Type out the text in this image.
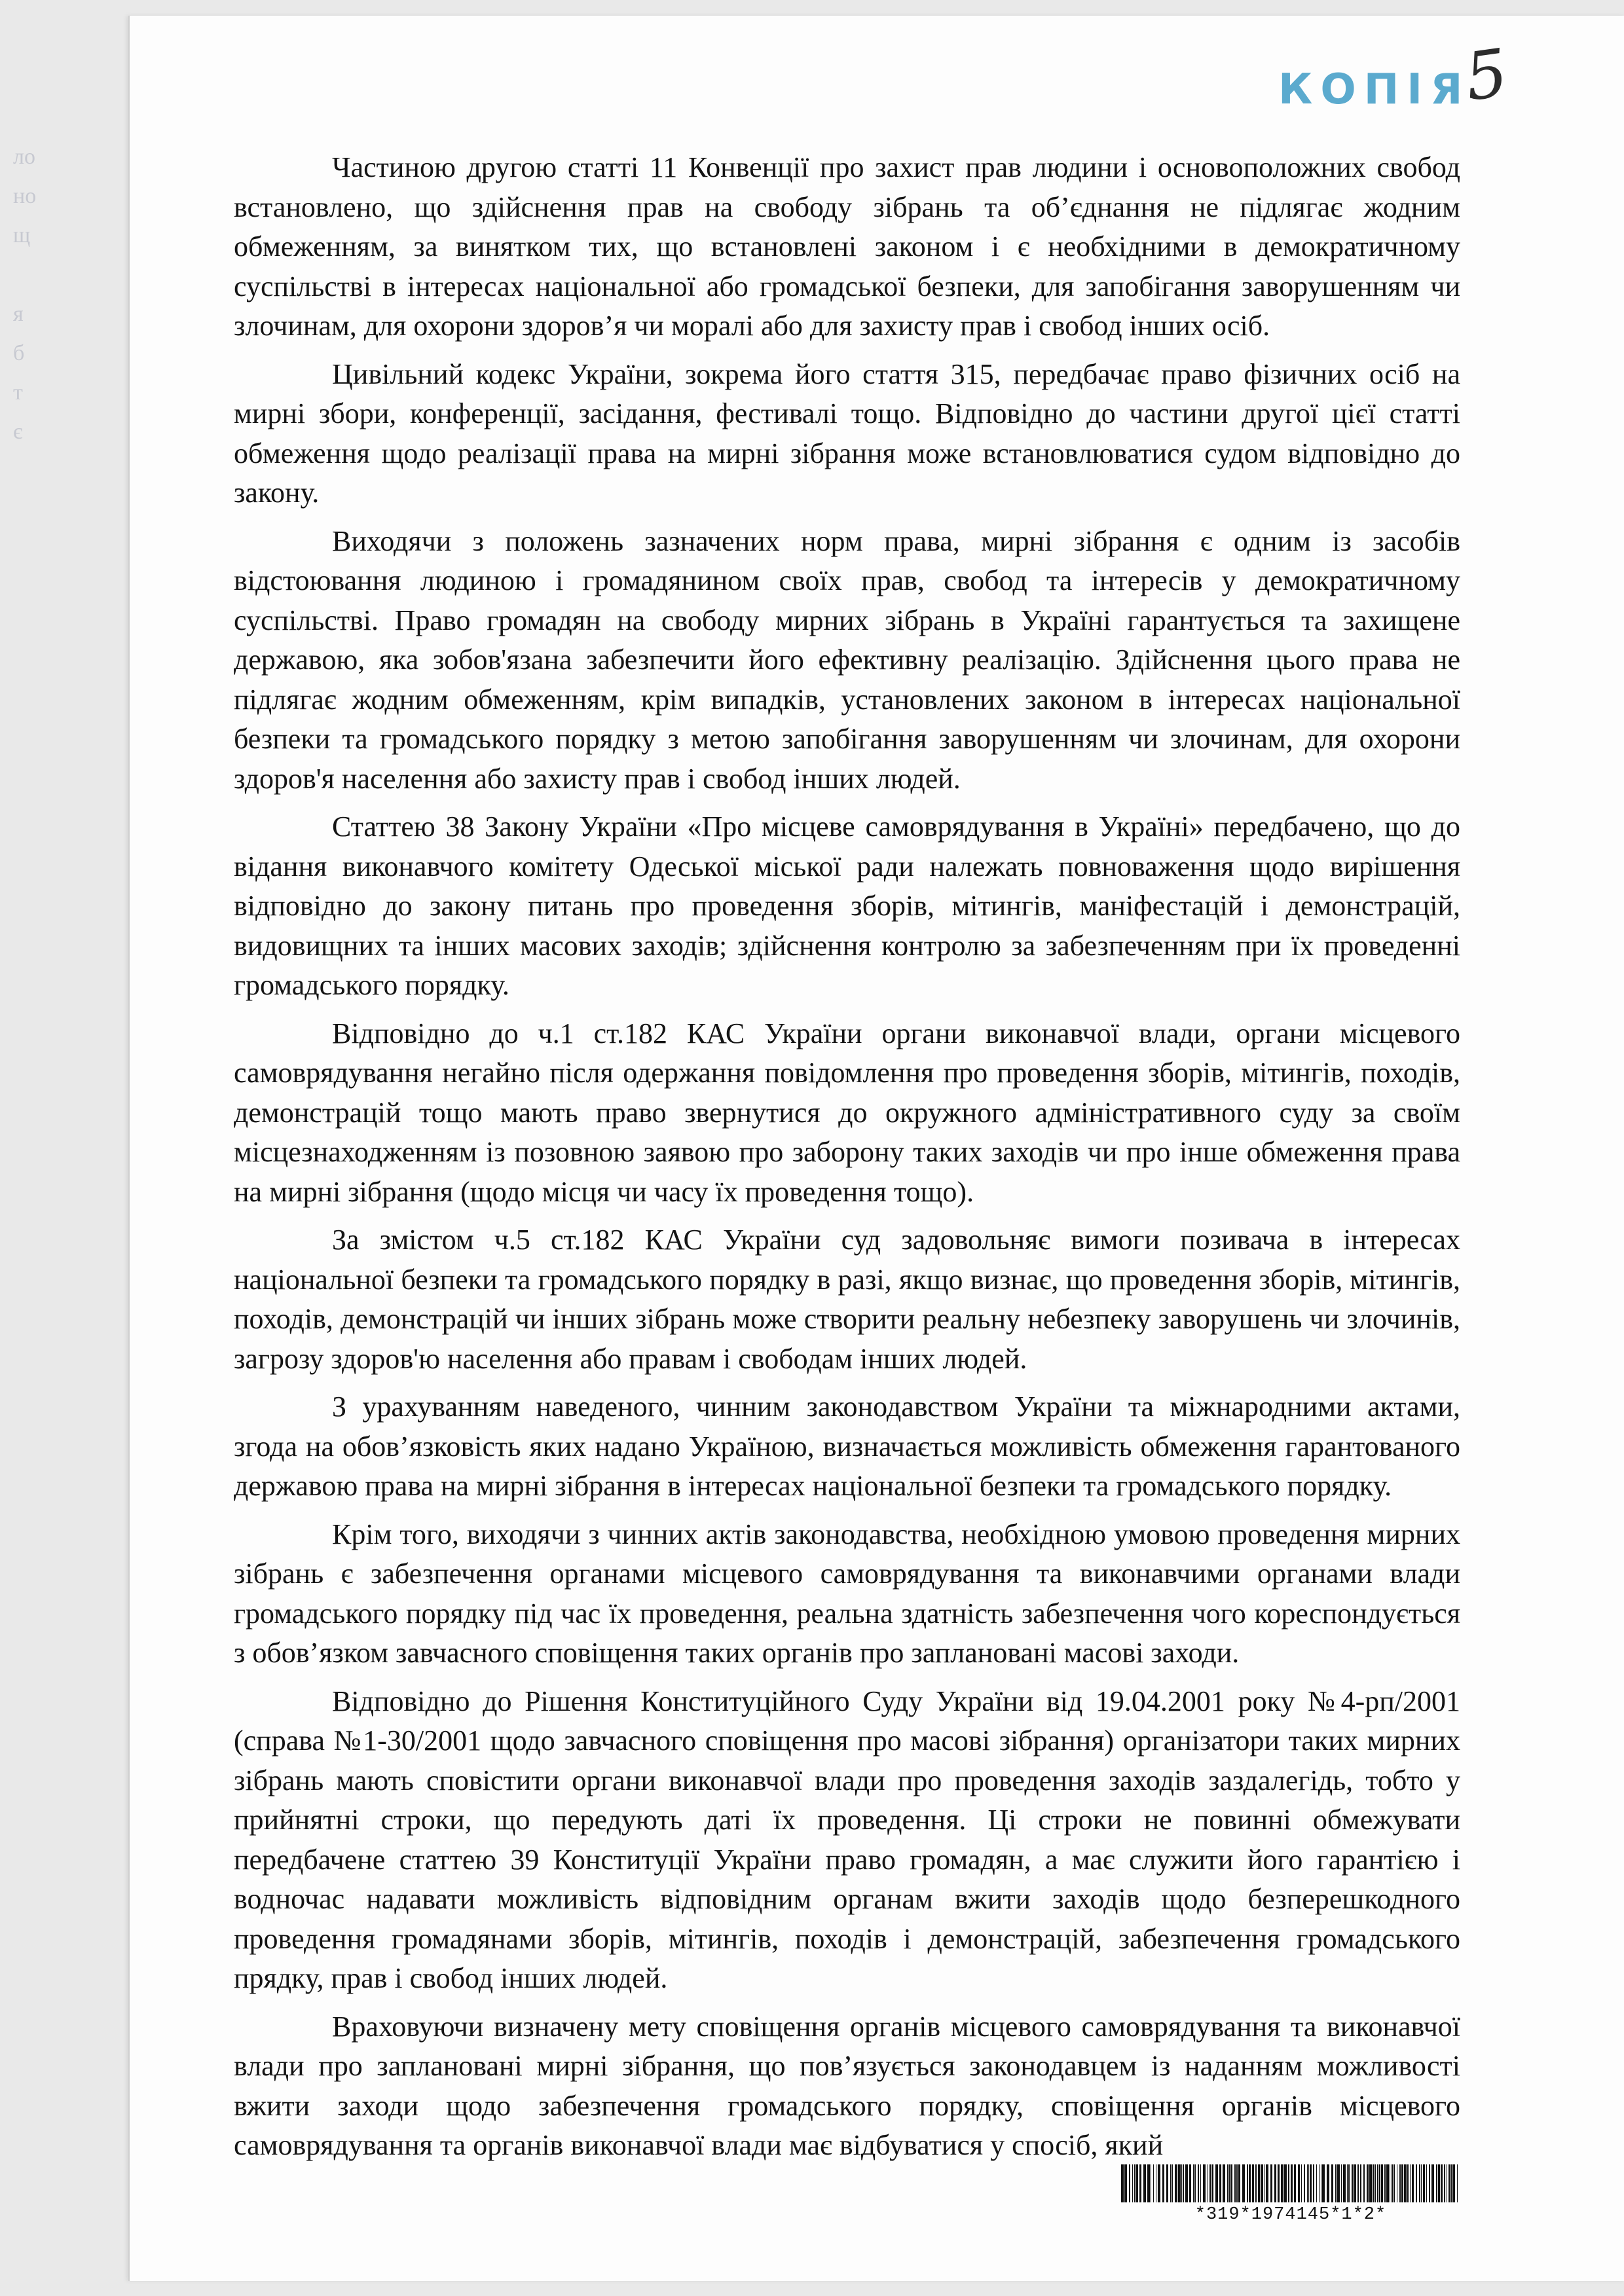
ло
но
щ

я
б
т
є
КОПІЯ
5

Частиною другою статті 11 Конвенції про захист прав людини і основоположних свобод встановлено, що здійснення прав на свободу зібрань та об’єднання не підлягає жодним обмеженням, за винятком тих, що встановлені законом і є необхідними в демократичному суспільстві в інтересах національної або громадської безпеки, для запобігання заворушенням чи злочинам, для охорони здоров’я чи моралі або для захисту прав і свобод інших осіб.

Цивільний кодекс України, зокрема його стаття 315, передбачає право фізичних осіб на мирні збори, конференції, засідання, фестивалі тощо. Відповідно до частини другої цієї статті обмеження щодо реалізації права на мирні зібрання може встановлюватися судом відповідно до закону.

Виходячи з положень зазначених норм права, мирні зібрання є одним із засобів відстоювання людиною і громадянином своїх прав, свобод та інтересів у демократичному суспільстві. Право громадян на свободу мирних зібрань в Україні гарантується та захищене державою, яка зобов'язана забезпечити його ефективну реалізацію. Здійснення цього права не підлягає жодним обмеженням, крім випадків, установлених законом в інтересах національної безпеки та громадського порядку з метою запобігання заворушенням чи злочинам, для охорони здоров'я населення або захисту прав і свобод інших людей.

Статтею 38 Закону України «Про місцеве самоврядування в Україні» передбачено, що до відання виконавчого комітету Одеської міської ради належать повноваження щодо вирішення відповідно до закону питань про проведення зборів, мітингів, маніфестацій і демонстрацій, видовищних та інших масових заходів; здійснення контролю за забезпеченням при їх проведенні громадського порядку.

Відповідно до ч.1 ст.182 КАС України органи виконавчої влади, органи місцевого самоврядування негайно після одержання повідомлення про проведення зборів, мітингів, походів, демонстрацій тощо мають право звернутися до окружного адміністративного суду за своїм місцезнаходженням із позовною заявою про заборону таких заходів чи про інше обмеження права на мирні зібрання (щодо місця чи часу їх проведення тощо).

За змістом ч.5 ст.182 КАС України суд задовольняє вимоги позивача в інтересах національної безпеки та громадського порядку в разі, якщо визнає, що проведення зборів, мітингів, походів, демонстрацій чи інших зібрань може створити реальну небезпеку заворушень чи злочинів, загрозу здоров'ю населення або правам і свободам інших людей.

З урахуванням наведеного, чинним законодавством України та міжнародними актами, згода на обов’язковість яких надано Україною, визначається можливість обмеження гарантованого державою права на мирні зібрання в інтересах національної безпеки та громадського порядку.

Крім того, виходячи з чинних актів законодавства, необхідною умовою проведення мирних зібрань є забезпечення органами місцевого самоврядування та виконавчими органами влади громадського порядку під час їх проведення, реальна здатність забезпечення чого кореспондується з обов’язком завчасного сповіщення таких органів про заплановані масові заходи.

Відповідно до Рішення Конституційного Суду України від 19.04.2001 року №4-рп/2001 (справа №1-30/2001 щодо завчасного сповіщення про масові зібрання) організатори таких мирних зібрань мають сповістити органи виконавчої влади про проведення заходів заздалегідь, тобто у прийнятні строки, що передують даті їх проведення. Ці строки не повинні обмежувати передбачене статтею 39 Конституції України право громадян, а має служити його гарантією і водночас надавати можливість відповідним органам вжити заходів щодо безперешкодного проведення громадянами зборів, мітингів, походів і демонстрацій, забезпечення громадського прядку, прав і свобод інших людей.

Враховуючи визначену мету сповіщення органів місцевого самоврядування та виконавчої влади про заплановані мирні зібрання, що пов’язується законодавцем із наданням можливості вжити заходи щодо забезпечення громадського порядку, сповіщення органів місцевого самоврядування та органів виконавчої влади має відбуватися у спосіб, який

*319*1974145*1*2*
